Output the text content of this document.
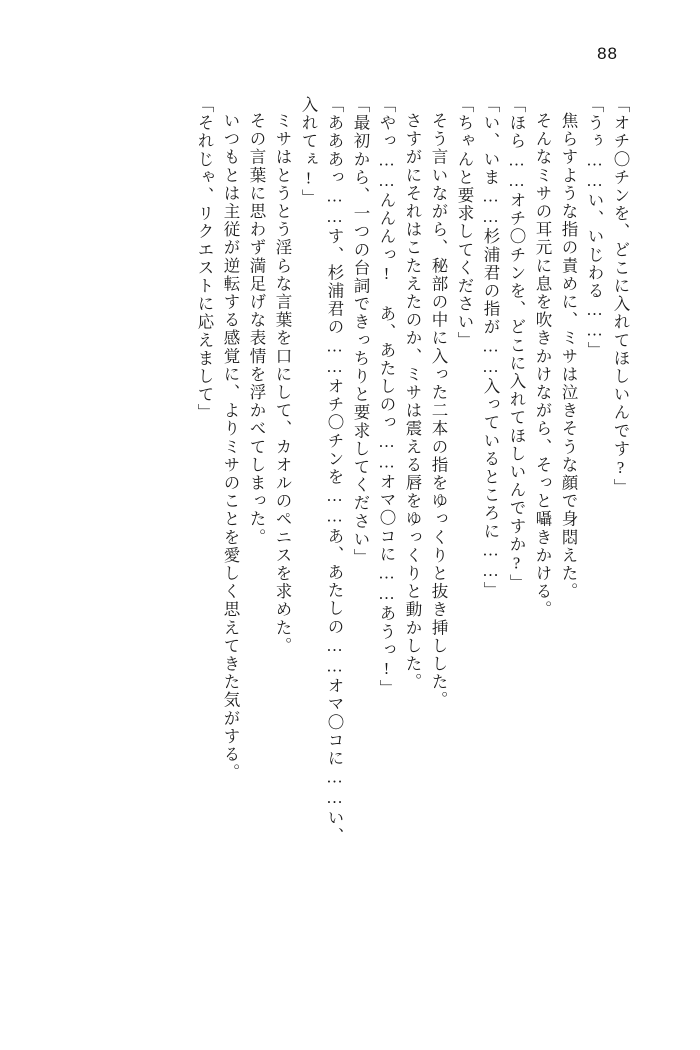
88
「オチ〇チンを、どこに入れてほしいんです?」
「うぅ……い、いじわる……」
焦らすような指の責めに、ミサは泣きそうな顔で身悶えた。
そんなミサの耳元に息を吹きかけながら、そっと囁きかける。
「ほら……オチ〇チンを、どこに入れてほしいんですか?」
「い、いま……杉浦君の指が……入っているところに……」
「ちゃんと要求してください」
そう言いながら、秘部の中に入った二本の指をゆっくりと抜き挿しした。
さすがにそれはこたえたのか、ミサは震える唇をゆっくりと動かした。
「やっ……んんんっ! あ、あたしのっ……オマ〇コに……あうっ!」
「最初から、一つの台詞できっちりと要求してください」
「あああっ……す、杉浦君の……オチ〇チンを……あ、あたしの……オマ〇コに……い、
入れてぇ!」
ミサはとうとう淫らな言葉を口にして、カオルのペニスを求めた。
その言葉に思わず満足げな表情を浮かべてしまった。
いつもとは主従が逆転する感覚に、よりミサのことを愛しく思えてきた気がする。
「それじゃ、リクエストに応えまして」
